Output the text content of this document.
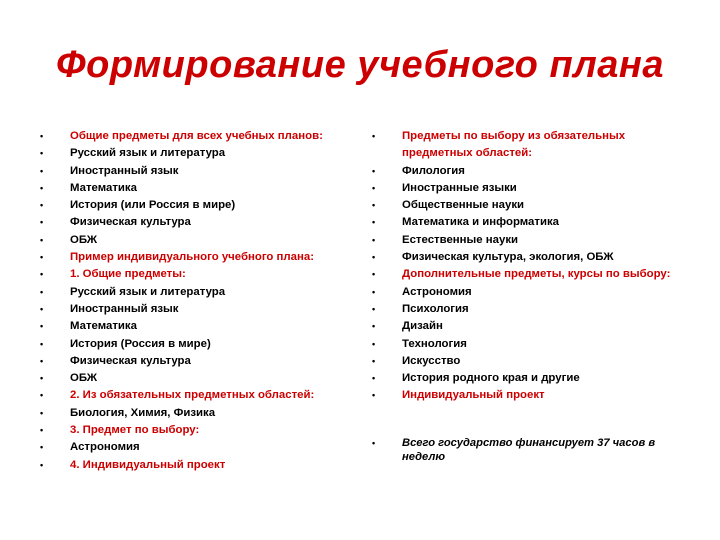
Формирование учебного плана
•	Общие предметы для всех учебных планов:
•	Русский язык и литература
•	Иностранный язык
•	Математика
•	История (или Россия в мире)
•	Физическая культура
•	ОБЖ
•	Пример индивидуального учебного плана:
•	1. Общие предметы:
•	Русский язык и литература
•	Иностранный язык
•	Математика
•	История (Россия в мире)
•	Физическая культура
•	ОБЖ
•	2. Из обязательных предметных областей:
•	Биология, Химия, Физика
•	3. Предмет по выбору:
•	Астрономия
•	4. Индивидуальный проект
•	Предметы по выбору из обязательных предметных областей:
•	Филология
•	Иностранные языки
•	Общественные науки
•	Математика и информатика
•	Естественные науки
•	Физическая культура, экология, ОБЖ
•	Дополнительные предметы, курсы по выбору:
•	Астрономия
•	Психология
•	Дизайн
•	Технология
•	Искусство
•	История родного края и другие
•	Индивидуальный проект
•	Всего государство финансирует 37 часов в неделю
